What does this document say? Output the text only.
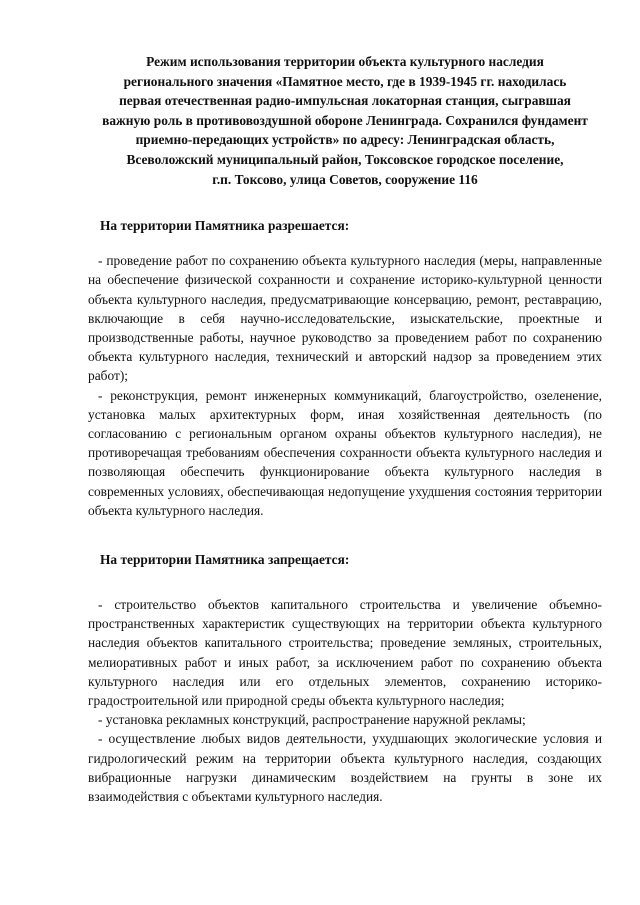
Режим использования территории объекта культурного наследия
регионального значения «Памятное место, где в 1939-1945 гг. находилась
первая отечественная радио-импульсная локаторная станция, сыгравшая
важную роль в противовоздушной обороне Ленинграда. Сохранился фундамент
приемно-передающих устройств» по адресу: Ленинградская область,
Всеволожский муниципальный район, Токсовское городское поселение,
г.п. Токсово, улица Советов, сооружение 116
На территории Памятника разрешается:

- проведение работ по сохранению объекта культурного наследия (меры, направленные на обеспечение физической сохранности и сохранение историко-культурной ценности объекта культурного наследия, предусматривающие консервацию, ремонт, реставрацию, включающие в себя научно-исследовательские, изыскательские, проектные и производственные работы, научное руководство за проведением работ по сохранению объекта культурного наследия, технический и авторский надзор за проведением этих работ);

- реконструкция, ремонт инженерных коммуникаций, благоустройство, озеленение, установка малых архитектурных форм, иная хозяйственная деятельность (по согласованию с региональным органом охраны объектов культурного наследия), не противоречащая требованиям обеспечения сохранности объекта культурного наследия и позволяющая обеспечить функционирование объекта культурного наследия в современных условиях, обеспечивающая недопущение ухудшения состояния территории объекта культурного наследия.

На территории Памятника запрещается:

- строительство объектов капитального строительства и увеличение объемно-пространственных характеристик существующих на территории объекта культурного наследия объектов капитального строительства; проведение земляных, строительных, мелиоративных работ и иных работ, за исключением работ по сохранению объекта культурного наследия или его отдельных элементов, сохранению историко-градостроительной или природной среды объекта культурного наследия;

- установка рекламных конструкций, распространение наружной рекламы;

- осуществление любых видов деятельности, ухудшающих экологические условия и гидрологический режим на территории объекта культурного наследия, создающих вибрационные нагрузки динамическим воздействием на грунты в зоне их взаимодействия с объектами культурного наследия.
